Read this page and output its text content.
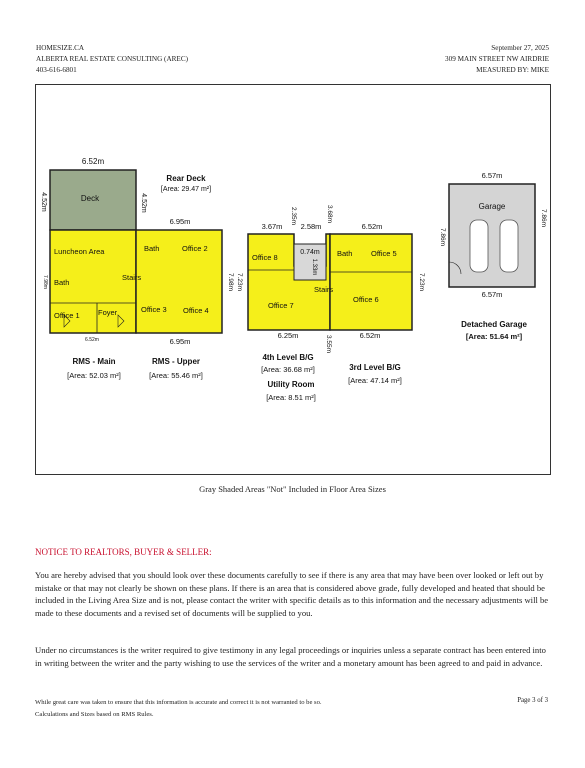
HOMESIZE.CA
ALBERTA REAL ESTATE CONSULTING (AREC)
403-616-6801
September 27, 2025
309 MAIN STREET NW AIRDRIE
MEASURED BY: MIKE
6.52m
Rear Deck
[Area: 29.47 m²]
Deck
4.52m	4.52m
6.95m
Luncheon Area
Bath
Office 1 Foyer
7.98m
6.52m
Bath	Office 2
Stairs
Office 3 Office 4
6.95m
7.98m 7.23m
RMS - Main
[Area: 52.03 m²]
RMS - Upper
[Area: 55.46 m²]
3.67m
2.35m
2.58m
3.68m
0.74m
1.33m
Office 8
Office 7
Stairs
6.25m	3.55m
4th Level B/G
[Area: 36.68 m²]
Utility Room
[Area: 8.51 m²]
6.52m
Bath Office 5
Office 6
7.23m
6.52m
3rd Level B/G
[Area: 47.14 m²]
6.57m
Garage
7.86m
7.86m
6.57m
Detached Garage
[Area: 51.64 m²]
Gray Shaded Areas "Not" Included in Floor Area Sizes
NOTICE TO REALTORS, BUYER & SELLER:
You are hereby advised that you should look over these documents carefully to see if there is any area that may have been over looked or left out by mistake or that may not clearly be shown on these plans. If there is an area that is considered above grade, fully developed and heated that should be included in the Living Area Size and is not, please contact the writer with specific details as to this information and the necessary adjustments will be made to these documents and a revised set of documents will be supplied to you.
Under no circumstances is the writer required to give testimony in any legal proceedings or inquiries unless a separate contract has been entered into in writing between the writer and the party wishing to use the services of the writer and a monetary amount has been agreed to and paid in advance.
While great care was taken to ensure that this information is accurate and correct it is not warranted to be so.
Calculations and Sizes based on RMS Rules.
Page 3 of 3
